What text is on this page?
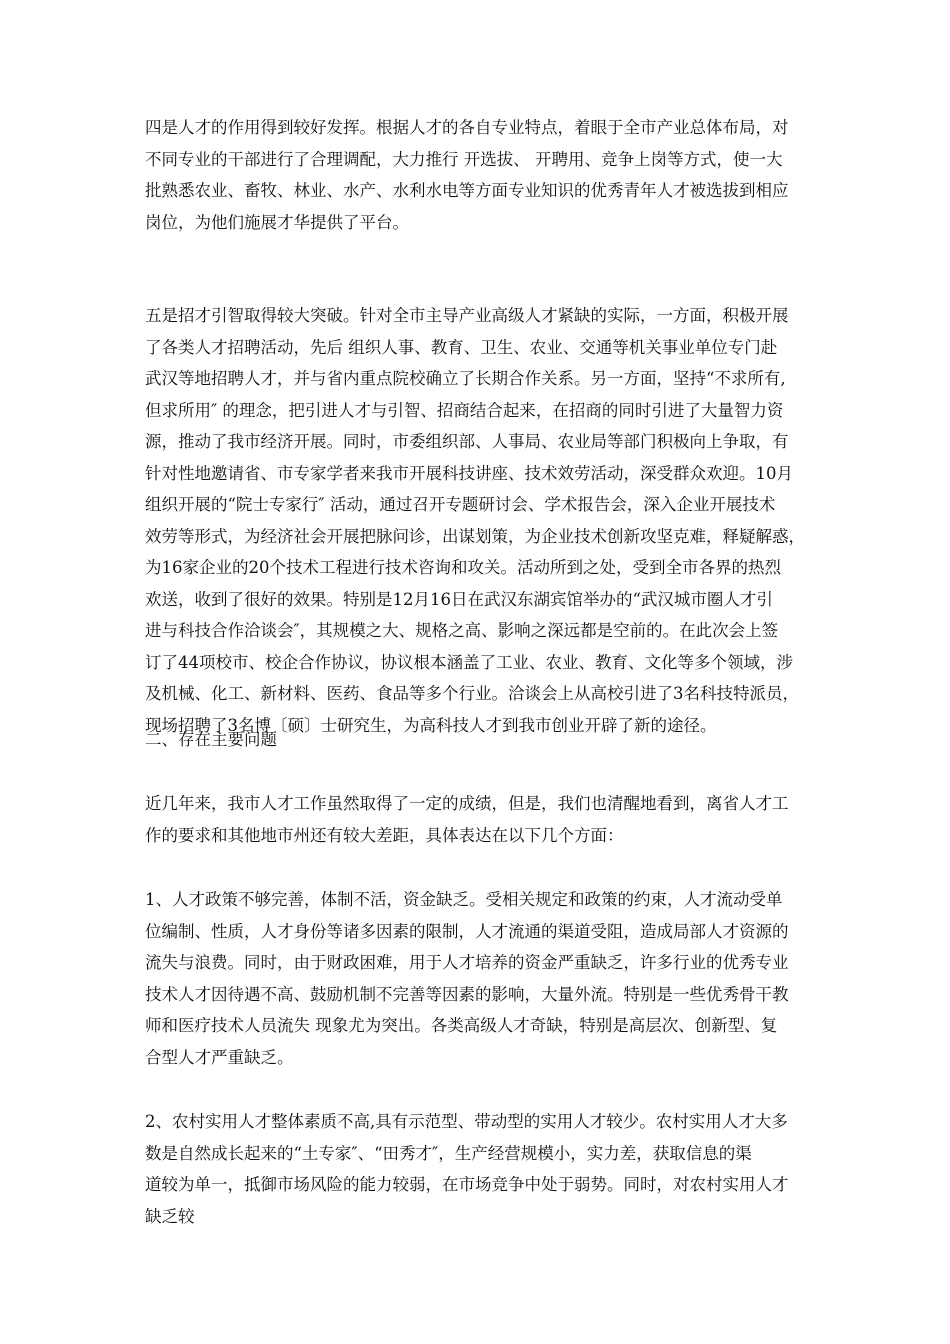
四是人才的作用得到较好发挥。根据人才的各自专业特点，着眼于全市产业总体布局，对
不同专业的干部进行了合理调配，大力推行 开选拔、 开聘用、竞争上岗等方式，使一大
批熟悉农业、畜牧、林业、水产、水利水电等方面专业知识的优秀青年人才被选拔到相应
岗位，为他们施展才华提供了平台。

五是招才引智取得较大突破。针对全市主导产业高级人才紧缺的实际，一方面，积极开展
了各类人才招聘活动，先后 组织人事、教育、卫生、农业、交通等机关事业单位专门赴
武汉等地招聘人才，并与省内重点院校确立了长期合作关系。另一方面，坚持“不求所有,
但求所用″ 的理念，把引进人才与引智、招商结合起来，在招商的同时引进了大量智力资
源，推动了我市经济开展。同时，市委组织部、人事局、农业局等部门积极向上争取，有
针对性地邀请省、市专家学者来我市开展科技讲座、技术效劳活动，深受群众欢迎。10月
组织开展的“院士专家行″ 活动，通过召开专题研讨会、学术报告会，深入企业开展技术
效劳等形式，为经济社会开展把脉问诊，出谋划策，为企业技术创新攻坚克难，释疑解惑，
为16家企业的20个技术工程进行技术咨询和攻关。活动所到之处，受到全市各界的热烈
欢送，收到了很好的效果。特别是12月16日在武汉东湖宾馆举办的“武汉城市圈人才引
进与科技合作洽谈会″，其规模之大、规格之高、影响之深远都是空前的。在此次会上签
订了44项校市、校企合作协议，协议根本涵盖了工业、农业、教育、文化等多个领域，涉
及机械、化工、新材料、医药、食品等多个行业。洽谈会上从高校引进了3名科技特派员，
现场招聘了3名博〔硕〕士研究生，为高科技人才到我市创业开辟了新的途径。

二、存在主要问题

近几年来，我市人才工作虽然取得了一定的成绩，但是，我们也清醒地看到，离省人才工
作的要求和其他地市州还有较大差距，具体表达在以下几个方面：

1、人才政策不够完善，体制不活，资金缺乏。受相关规定和政策的约束，人才流动受单
位编制、性质，人才身份等诸多因素的限制，人才流通的渠道受阻，造成局部人才资源的
流失与浪费。同时，由于财政困难，用于人才培养的资金严重缺乏，许多行业的优秀专业
技术人才因待遇不高、鼓励机制不完善等因素的影响，大量外流。特别是一些优秀骨干教
师和医疗技术人员流失 现象尤为突出。各类高级人才奇缺，特别是高层次、创新型、复
合型人才严重缺乏。

2、农村实用人才整体素质不高,具有示范型、带动型的实用人才较少。农村实用人才大多
数是自然成长起来的“土专家″、“田秀才″，生产经营规模小，实力差，获取信息的渠
道较为单一，抵御市场风险的能力较弱，在市场竞争中处于弱势。同时，对农村实用人才
缺乏较
